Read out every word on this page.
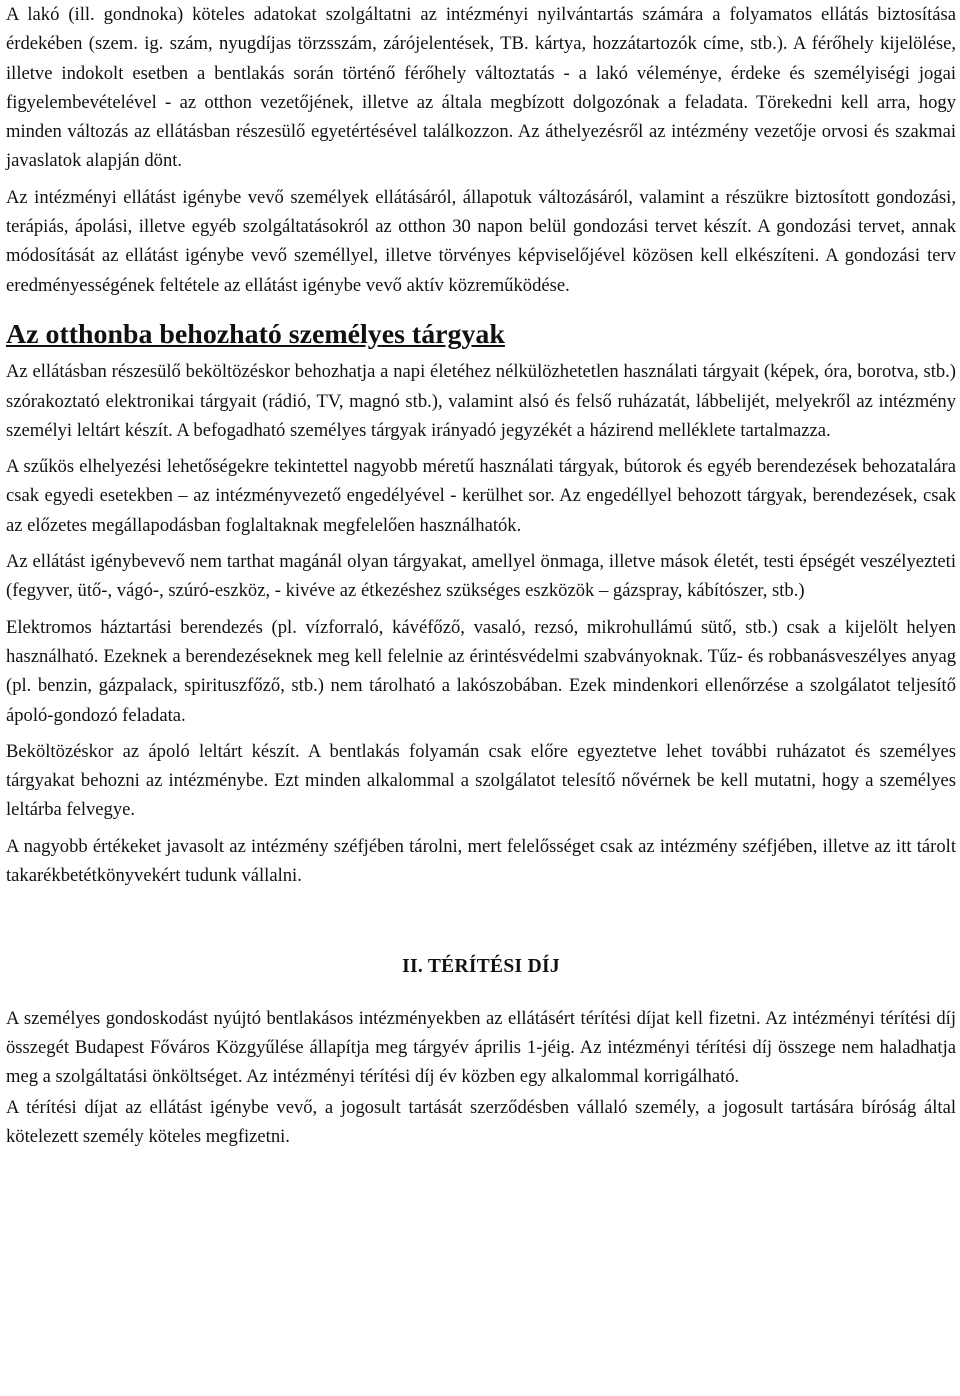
A lakó (ill. gondnoka) köteles adatokat szolgáltatni az intézményi nyilvántartás számára a folyamatos ellátás biztosítása érdekében (szem. ig. szám, nyugdíjas törzsszám, zárójelentések, TB. kártya, hozzátartozók címe, stb.). A férőhely kijelölése, illetve indokolt esetben a bentlakás során történő férőhely változtatás - a lakó véleménye, érdeke és személyiségi jogai figyelembevételével - az otthon vezetőjének, illetve az általa megbízott dolgozónak a feladata. Törekedni kell arra, hogy minden változás az ellátásban részesülő egyetértésével találkozzon. Az áthelyezésről az intézmény vezetője orvosi és szakmai javaslatok alapján dönt.

Az intézményi ellátást igénybe vevő személyek ellátásáról, állapotuk változásáról, valamint a részükre biztosított gondozási, terápiás, ápolási, illetve egyéb szolgáltatásokról az otthon 30 napon belül gondozási tervet készít. A gondozási tervet, annak módosítását az ellátást igénybe vevő személlyel, illetve törvényes képviselőjével közösen kell elkészíteni. A gondozási terv eredményességének feltétele az ellátást igénybe vevő aktív közreműködése.

Az otthonba behozható személyes tárgyak

Az ellátásban részesülő beköltözéskor behozhatja a napi életéhez nélkülözhetetlen használati tárgyait (képek, óra, borotva, stb.) szórakoztató elektronikai tárgyait (rádió, TV, magnó stb.), valamint alsó és felső ruházatát, lábbelijét, melyekről az intézmény személyi leltárt készít. A befogadható személyes tárgyak irányadó jegyzékét a házirend melléklete tartalmazza.

A szűkös elhelyezési lehetőségekre tekintettel nagyobb méretű használati tárgyak, bútorok és egyéb berendezések behozatalára csak egyedi esetekben – az intézményvezető engedélyével - kerülhet sor. Az engedéllyel behozott tárgyak, berendezések, csak az előzetes megállapodásban foglaltaknak megfelelően használhatók.

Az ellátást igénybevevő nem tarthat magánál olyan tárgyakat, amellyel önmaga, illetve mások életét, testi épségét veszélyezteti (fegyver, ütő-, vágó-, szúró-eszköz, - kivéve az étkezéshez szükséges eszközök – gázspray, kábítószer, stb.)

Elektromos háztartási berendezés (pl. vízforraló, kávéfőző, vasaló, rezsó, mikrohullámú sütő, stb.) csak a kijelölt helyen használható. Ezeknek a berendezéseknek meg kell felelnie az érintésvédelmi szabványoknak. Tűz- és robbanásveszélyes anyag (pl. benzin, gázpalack, spirituszfőző, stb.) nem tárolható a lakószobában. Ezek mindenkori ellenőrzése a szolgálatot teljesítő ápoló-gondozó feladata.

Beköltözéskor az ápoló leltárt készít. A bentlakás folyamán csak előre egyeztetve lehet további ruházatot és személyes tárgyakat behozni az intézménybe. Ezt minden alkalommal a szolgálatot telesítő nővérnek be kell mutatni, hogy a személyes leltárba felvegye.

A nagyobb értékeket javasolt az intézmény széfjében tárolni, mert felelősséget csak az intézmény széfjében, illetve az itt tárolt takarékbetétkönyvekért tudunk vállalni.

II. TÉRÍTÉSI DÍJ

A személyes gondoskodást nyújtó bentlakásos intézményekben az ellátásért térítési díjat kell fizetni. Az intézményi térítési díj összegét Budapest Főváros Közgyűlése állapítja meg tárgyév április 1-jéig. Az intézményi térítési díj összege nem haladhatja meg a szolgáltatási önköltséget. Az intézményi térítési díj év közben egy alkalommal korrigálható.

A térítési díjat az ellátást igénybe vevő, a jogosult tartását szerződésben vállaló személy, a jogosult tartására bíróság által kötelezett személy köteles megfizetni.
